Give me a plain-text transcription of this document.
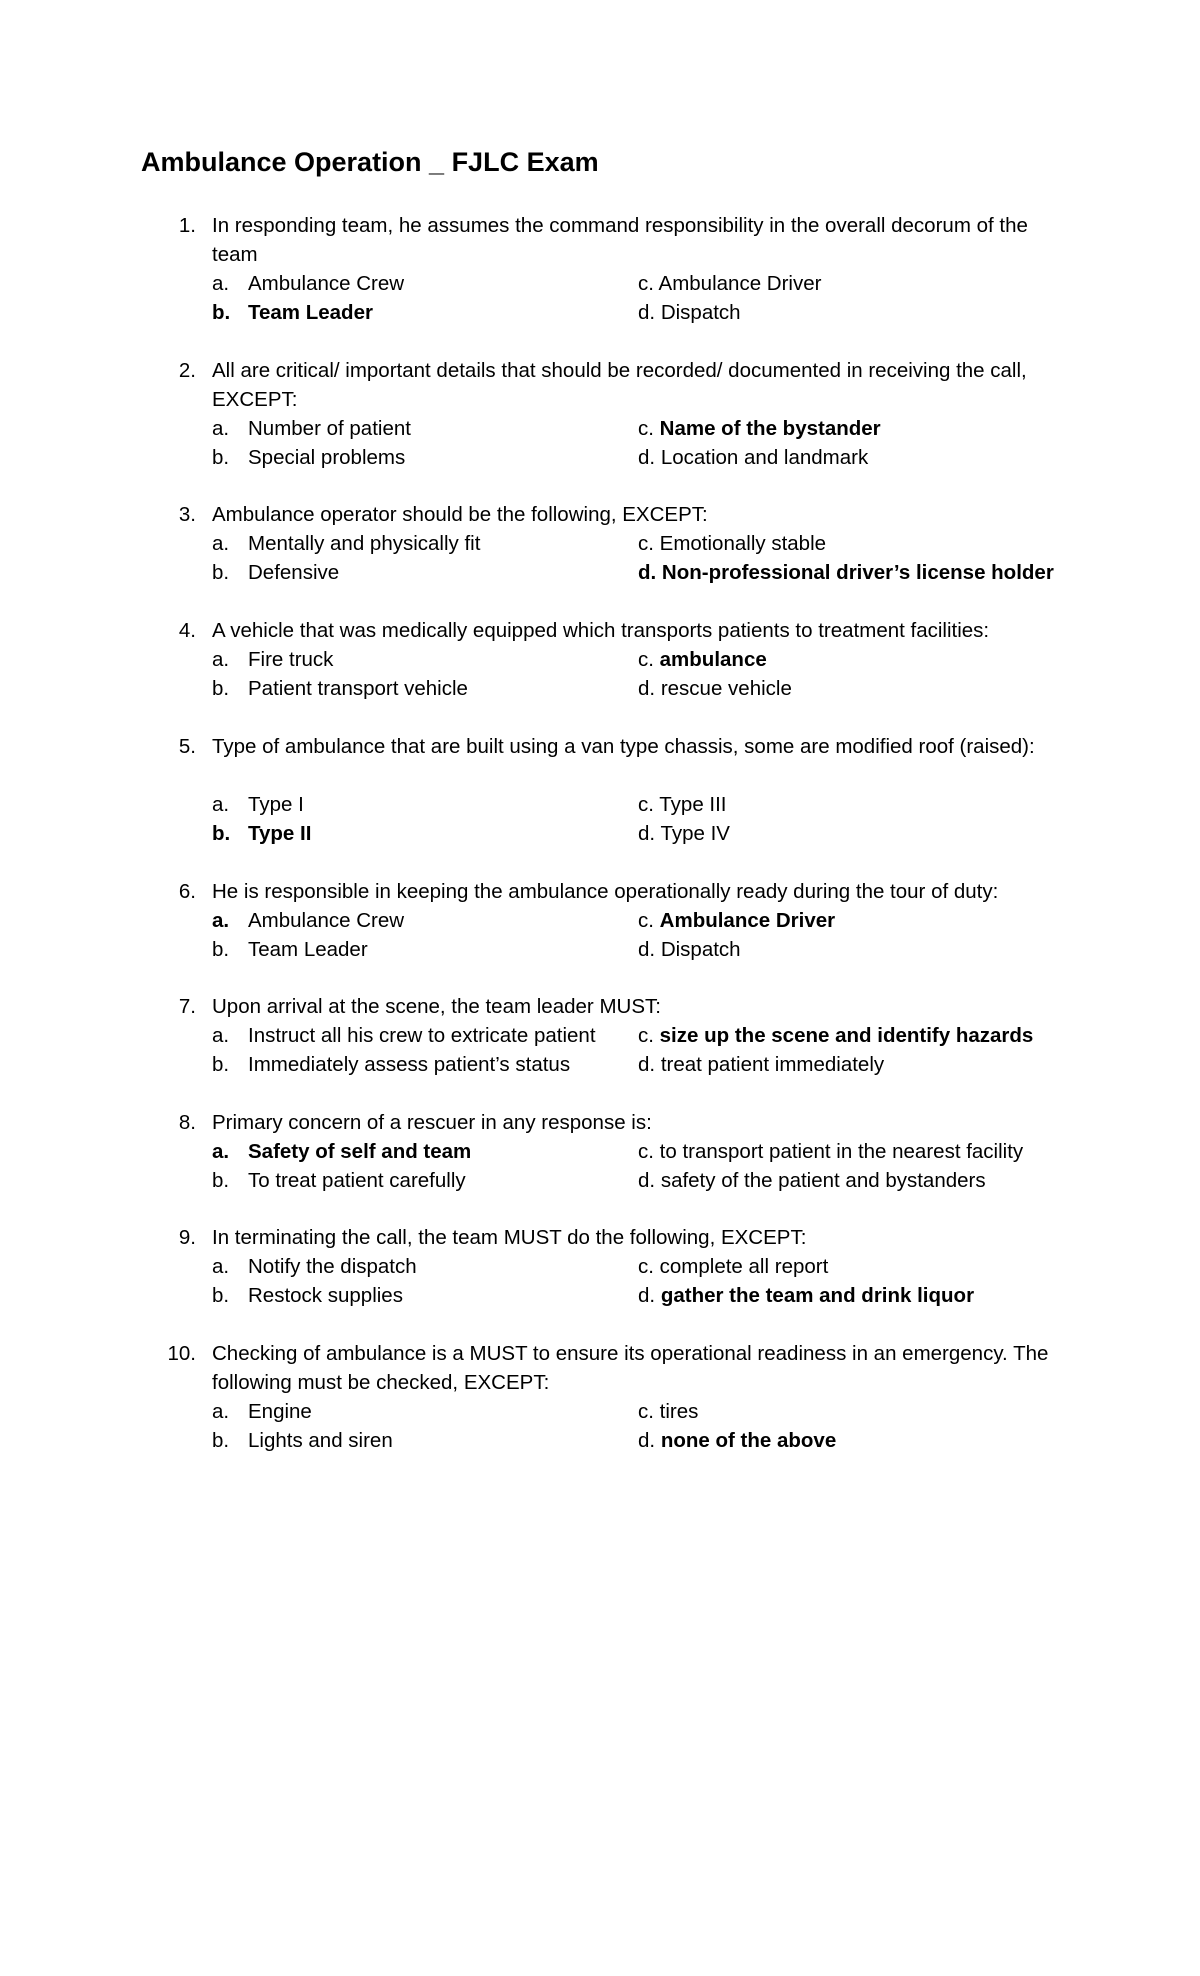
Ambulance Operation _ FJLC Exam
1. In responding team, he assumes the command responsibility in the overall decorum of the team
a. Ambulance Crew
b. Team Leader
c. Ambulance Driver
d. Dispatch
2. All are critical/ important details that should be recorded/ documented in receiving the call, EXCEPT:
a. Number of patient
b. Special problems
c. Name of the bystander
d. Location and landmark
3. Ambulance operator should be the following, EXCEPT:
a. Mentally and physically fit
b. Defensive
c. Emotionally stable
d. Non-professional driver’s license holder
4. A vehicle that was medically equipped which transports patients to treatment facilities:
a. Fire truck
b. Patient transport vehicle
c. ambulance
d. rescue vehicle
5. Type of ambulance that are built using a van type chassis, some are modified roof (raised):
a. Type I
b. Type II
c. Type III
d. Type IV
6. He is responsible in keeping the ambulance operationally ready during the tour of duty:
a. Ambulance Crew
b. Team Leader
c. Ambulance Driver
d. Dispatch
7. Upon arrival at the scene, the team leader MUST:
a. Instruct all his crew to extricate patient
b. Immediately assess patient’s status
c. size up the scene and identify hazards
d. treat patient immediately
8. Primary concern of a rescuer in any response is:
a. Safety of self and team
b. To treat patient carefully
c. to transport patient in the nearest facility
d. safety of the patient and bystanders
9. In terminating the call, the team MUST do the following, EXCEPT:
a. Notify the dispatch
b. Restock supplies
c. complete all report
d. gather the team and drink liquor
10. Checking of ambulance is a MUST to ensure its operational readiness in an emergency. The following must be checked, EXCEPT:
a. Engine
b. Lights and siren
c. tires
d. none of the above
